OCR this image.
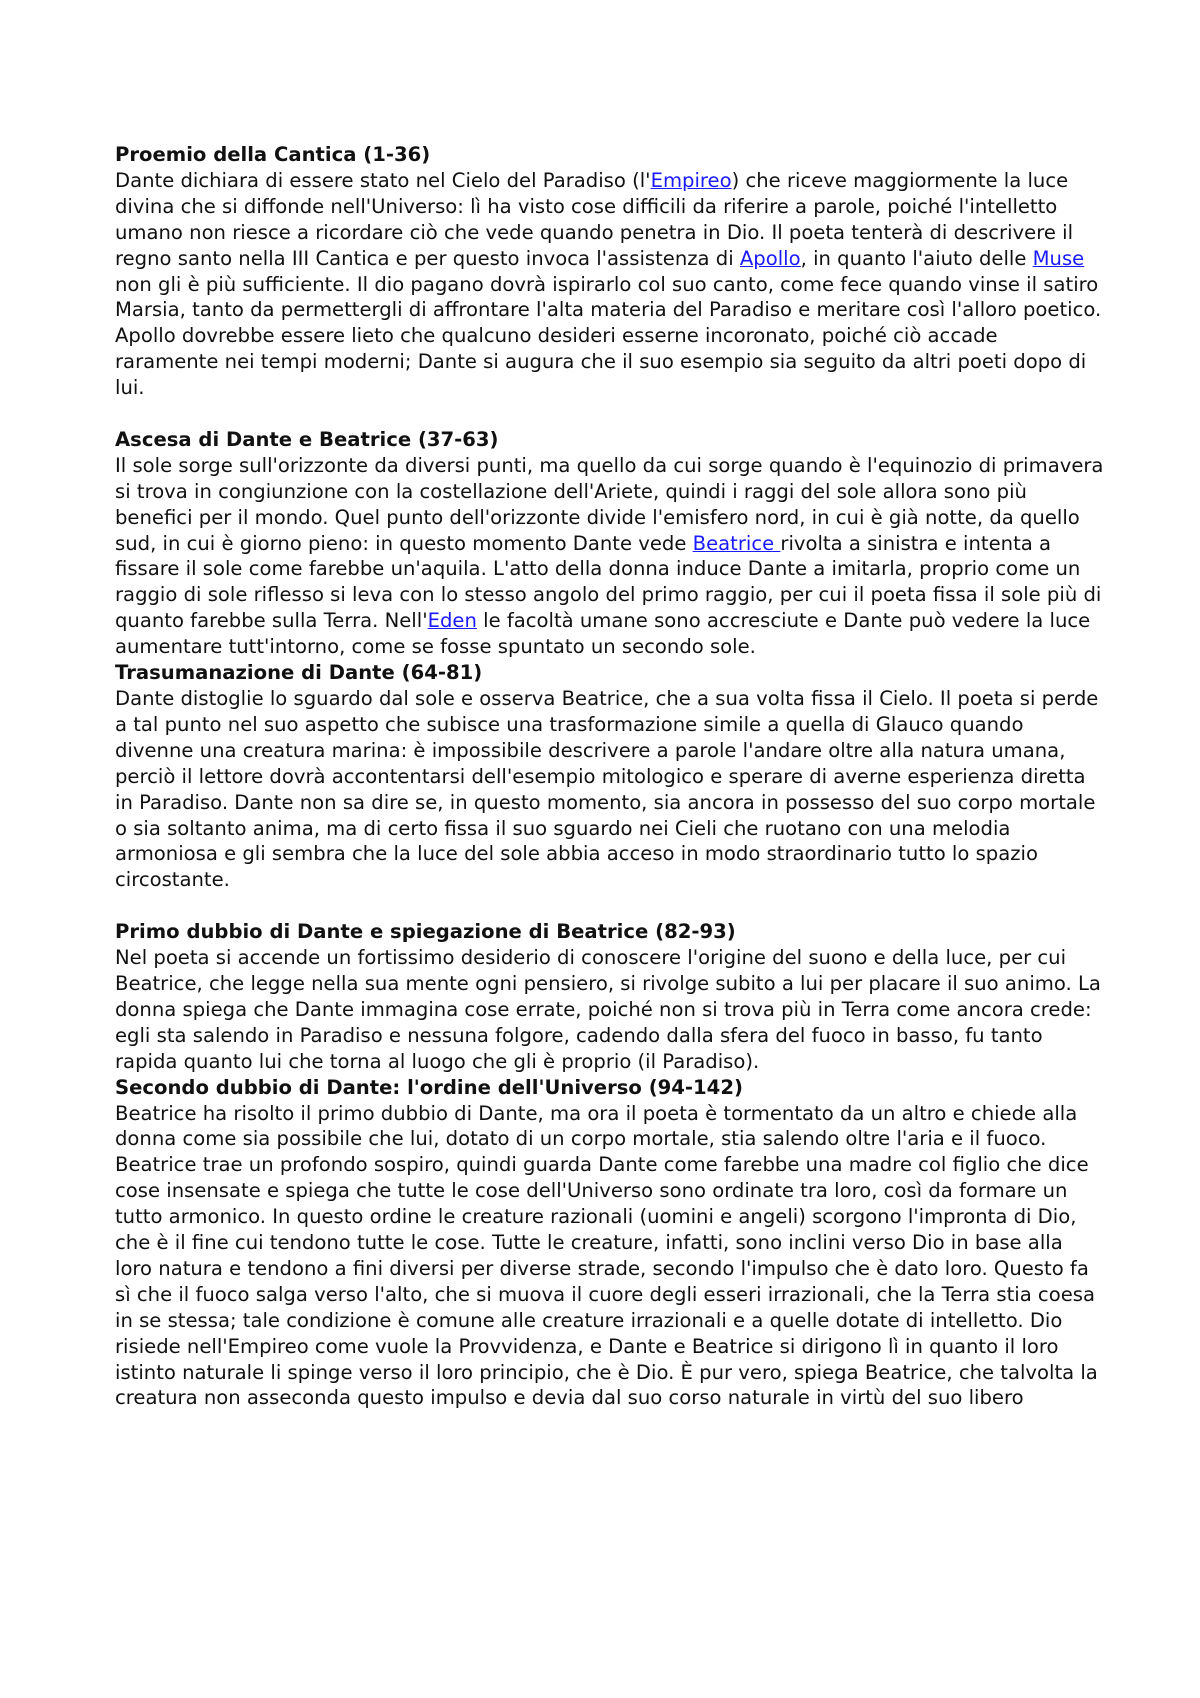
Proemio della Cantica (1-36)

Dante dichiara di essere stato nel Cielo del Paradiso (l'Empireo) che riceve maggiormente la luce divina che si diffonde nell'Universo: lì ha visto cose difficili da riferire a parole, poiché l'intelletto umano non riesce a ricordare ciò che vede quando penetra in Dio. Il poeta tenterà di descrivere il regno santo nella III Cantica e per questo invoca l'assistenza di Apollo, in quanto l'aiuto delle Muse non gli è più sufficiente. Il dio pagano dovrà ispirarlo col suo canto, come fece quando vinse il satiro Marsia, tanto da permettergli di affrontare l'alta materia del Paradiso e meritare così l'alloro poetico. Apollo dovrebbe essere lieto che qualcuno desideri esserne incoronato, poiché ciò accade raramente nei tempi moderni; Dante si augura che il suo esempio sia seguito da altri poeti dopo di lui.

Ascesa di Dante e Beatrice (37-63)

Il sole sorge sull'orizzonte da diversi punti, ma quello da cui sorge quando è l'equinozio di primavera si trova in congiunzione con la costellazione dell'Ariete, quindi i raggi del sole allora sono più benefici per il mondo. Quel punto dell'orizzonte divide l'emisfero nord, in cui è già notte, da quello sud, in cui è giorno pieno: in questo momento Dante vede Beatrice rivolta a sinistra e intenta a fissare il sole come farebbe un'aquila. L'atto della donna induce Dante a imitarla, proprio come un raggio di sole riflesso si leva con lo stesso angolo del primo raggio, per cui il poeta fissa il sole più di quanto farebbe sulla Terra. Nell'Eden le facoltà umane sono accresciute e Dante può vedere la luce aumentare tutt'intorno, come se fosse spuntato un secondo sole.

Trasumanazione di Dante (64-81)

Dante distoglie lo sguardo dal sole e osserva Beatrice, che a sua volta fissa il Cielo. Il poeta si perde a tal punto nel suo aspetto che subisce una trasformazione simile a quella di Glauco quando divenne una creatura marina: è impossibile descrivere a parole l'andare oltre alla natura umana, perciò il lettore dovrà accontentarsi dell'esempio mitologico e sperare di averne esperienza diretta in Paradiso. Dante non sa dire se, in questo momento, sia ancora in possesso del suo corpo mortale o sia soltanto anima, ma di certo fissa il suo sguardo nei Cieli che ruotano con una melodia armoniosa e gli sembra che la luce del sole abbia acceso in modo straordinario tutto lo spazio circostante.

Primo dubbio di Dante e spiegazione di Beatrice (82-93)

Nel poeta si accende un fortissimo desiderio di conoscere l'origine del suono e della luce, per cui Beatrice, che legge nella sua mente ogni pensiero, si rivolge subito a lui per placare il suo animo. La donna spiega che Dante immagina cose errate, poiché non si trova più in Terra come ancora crede: egli sta salendo in Paradiso e nessuna folgore, cadendo dalla sfera del fuoco in basso, fu tanto rapida quanto lui che torna al luogo che gli è proprio (il Paradiso).

Secondo dubbio di Dante: l'ordine dell'Universo (94-142)

Beatrice ha risolto il primo dubbio di Dante, ma ora il poeta è tormentato da un altro e chiede alla donna come sia possibile che lui, dotato di un corpo mortale, stia salendo oltre l'aria e il fuoco. Beatrice trae un profondo sospiro, quindi guarda Dante come farebbe una madre col figlio che dice cose insensate e spiega che tutte le cose dell'Universo sono ordinate tra loro, così da formare un tutto armonico. In questo ordine le creature razionali (uomini e angeli) scorgono l'impronta di Dio, che è il fine cui tendono tutte le cose. Tutte le creature, infatti, sono inclini verso Dio in base alla loro natura e tendono a fini diversi per diverse strade, secondo l'impulso che è dato loro. Questo fa sì che il fuoco salga verso l'alto, che si muova il cuore degli esseri irrazionali, che la Terra stia coesa in se stessa; tale condizione è comune alle creature irrazionali e a quelle dotate di intelletto. Dio risiede nell'Empireo come vuole la Provvidenza, e Dante e Beatrice si dirigono lì in quanto il loro istinto naturale li spinge verso il loro principio, che è Dio. È pur vero, spiega Beatrice, che talvolta la creatura non asseconda questo impulso e devia dal suo corso naturale in virtù del suo libero
